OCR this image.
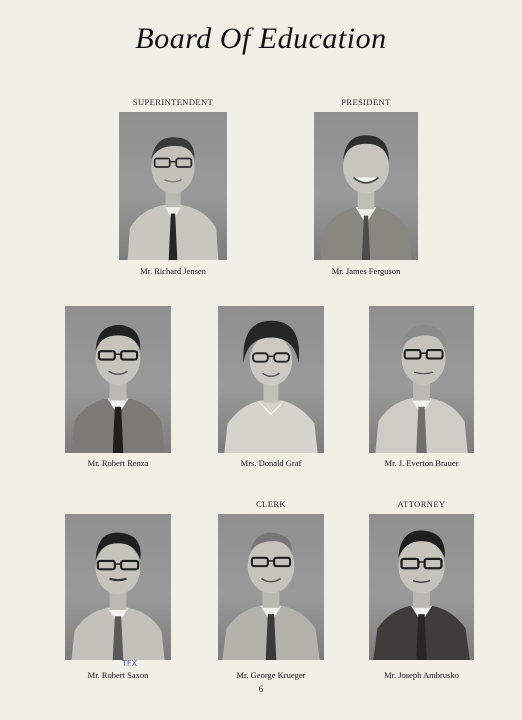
Board Of Education
SUPERINTENDENT	PRESIDENT
Mr. Richard Jensen	Mr. James Ferguson
Mr. Robert Renza	Mrs. Donald Graf	Mr. J. Everton Brauer
CLERK	ATTORNEY
Mr. Robert Saxon
TFX
Mr. George Krueger	Mr. Joseph Ambrusko
6
